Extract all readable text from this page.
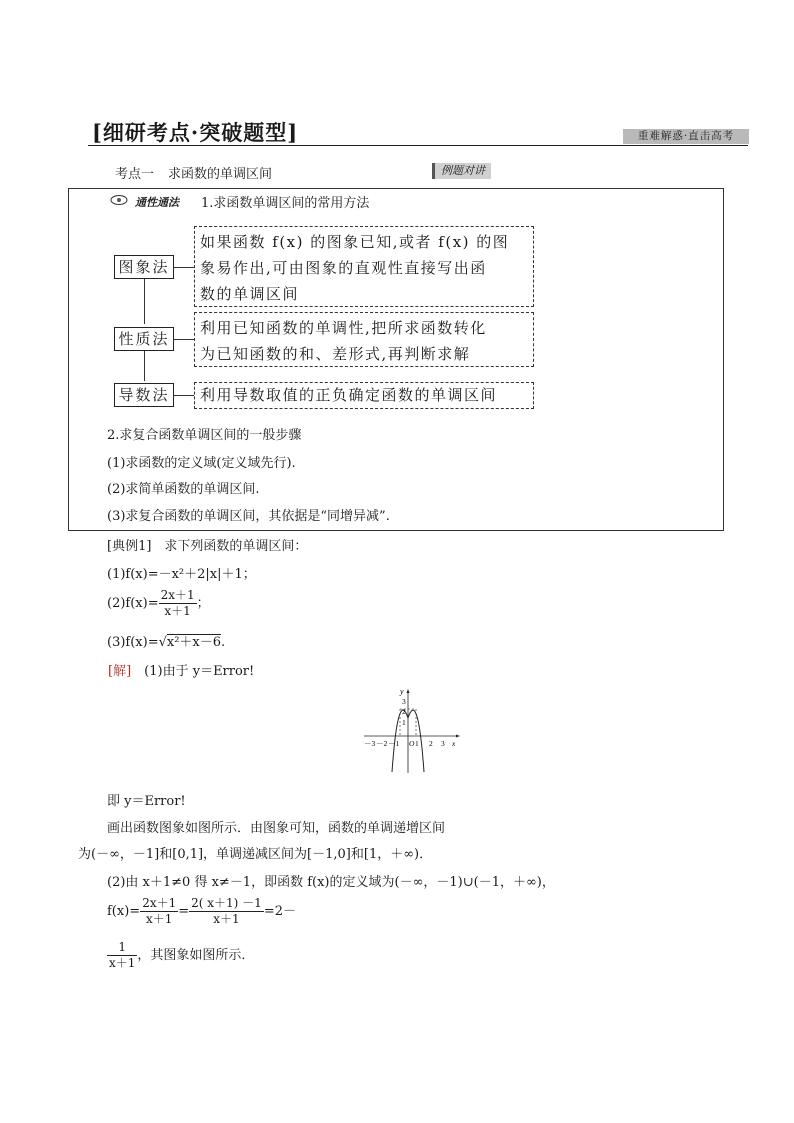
[细研考点·突破题型]	重难解惑·直击高考
考点一 求函数的单调区间	例题对讲
通性通法 1.求函数单调区间的常用方法
图象法
性质法
导数法
如果函数 f(x) 的图象已知,或者 f(x) 的图
象易作出,可由图象的直观性直接写出函
数的单调区间
利用已知函数的单调性,把所求函数转化
为已知函数的和、差形式,再判断求解
利用导数取值的正负确定函数的单调区间
2.求复合函数单调区间的一般步骤
(1)求函数的定义域(定义域先行).
(2)求简单函数的单调区间.
(3)求复合函数的单调区间，其依据是“同增异减”.
[典例1]　求下列函数的单调区间：
(1)f(x)=－x²＋2|x|＋1；
$(2)f(x)= \frac{2x+1}{x+1}$ ；
(3)f(x)=√x²＋x－6.
[解]　 (1)由于 y＝Error!
y
3
2
1
－3 －2 －1 O 1 2 3 x
即 y＝Error!
画出函数图象如图所示．由图象可知，函数的单调递增区间
为(－∞，－1]和[0,1]，单调递减区间为[－1,0]和[1，＋∞)．
(2)由 x＋1≠0 得 x≠－1，即函数 f(x)的定义域为(－∞，－1)∪(－1，＋∞)，
$f(x)= \frac{2x+1}{x+1} = \frac{2( x+1) -1}{x+1} =2-$
$\frac{1}{x+1}$ ，其图象如图所示．
